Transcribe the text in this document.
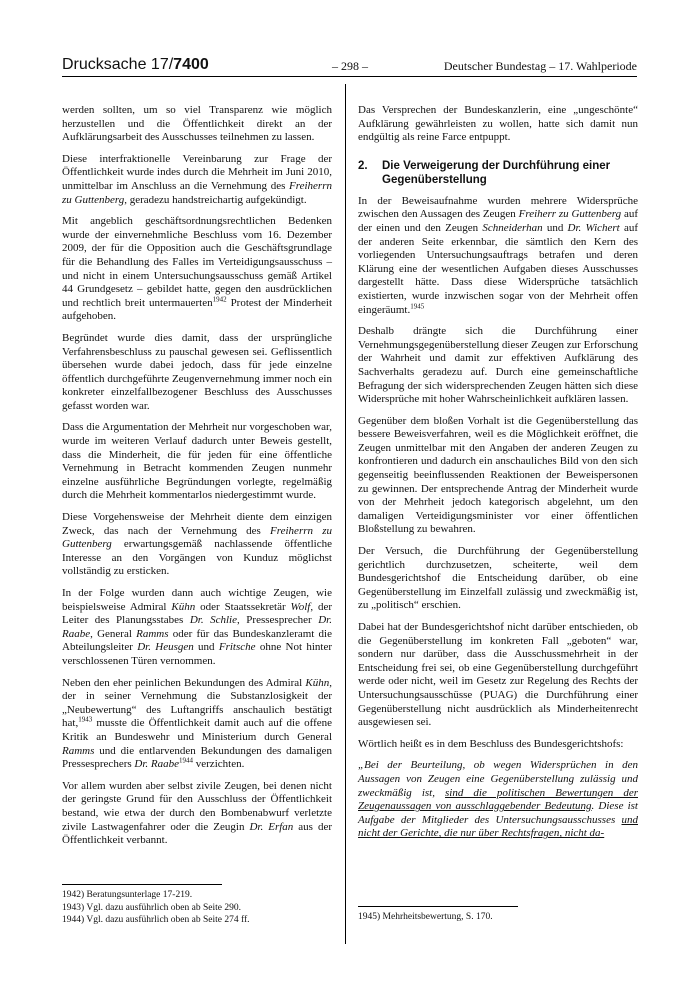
Drucksache 17/7400	– 298 –	Deutscher Bundestag – 17. Wahlperiode

werden sollten, um so viel Transparenz wie möglich herzustellen und die Öffentlichkeit direkt an der Aufklärungsarbeit des Ausschusses teilnehmen zu lassen.

Diese interfraktionelle Vereinbarung zur Frage der Öffentlichkeit wurde indes durch die Mehrheit im Juni 2010, unmittelbar im Anschluss an die Vernehmung des Freiherrn zu Guttenberg, geradezu handstreichartig aufgekündigt.

Mit angeblich geschäftsordnungsrechtlichen Bedenken wurde der einvernehmliche Beschluss vom 16. Dezember 2009, der für die Opposition auch die Geschäftsgrundlage für die Behandlung des Falles im Verteidigungsausschuss – und nicht in einem Untersuchungsausschuss gemäß Artikel 44 Grundgesetz – gebildet hatte, gegen den ausdrücklichen und rechtlich breit untermauerten$^{1942}$ Protest der Minderheit aufgehoben.

Begründet wurde dies damit, dass der ursprüngliche Verfahrensbeschluss zu pauschal gewesen sei. Geflissentlich übersehen wurde dabei jedoch, dass für jede einzelne öffentlich durchgeführte Zeugenvernehmung immer noch ein konkreter einzelfallbezogener Beschluss des Ausschusses gefasst worden war.

Dass die Argumentation der Mehrheit nur vorgeschoben war, wurde im weiteren Verlauf dadurch unter Beweis gestellt, dass die Minderheit, die für jeden für eine öffentliche Vernehmung in Betracht kommenden Zeugen nunmehr einzelne ausführliche Begründungen vorlegte, regelmäßig durch die Mehrheit kommentarlos niedergestimmt wurde.

Diese Vorgehensweise der Mehrheit diente dem einzigen Zweck, das nach der Vernehmung des Freiherrn zu Guttenberg erwartungsgemäß nachlassende öffentliche Interesse an den Vorgängen von Kunduz möglichst vollständig zu ersticken.

In der Folge wurden dann auch wichtige Zeugen, wie beispielsweise Admiral Kühn oder Staatssekretär Wolf, der Leiter des Planungsstabes Dr. Schlie, Pressesprecher Dr. Raabe, General Ramms oder für das Bundeskanzleramt die Abteilungsleiter Dr. Heusgen und Fritsche ohne Not hinter verschlossenen Türen vernommen.

Neben den eher peinlichen Bekundungen des Admiral Kühn, der in seiner Vernehmung die Substanzlosigkeit der „Neubewertung“ des Luftangriffs anschaulich bestätigt hat,$^{1943}$ musste die Öffentlichkeit damit auch auf die offene Kritik an Bundeswehr und Ministerium durch General Ramms und die entlarvenden Bekundungen des damaligen Pressesprechers Dr. Raabe$^{1944}$ verzichten.

Vor allem wurden aber selbst zivile Zeugen, bei denen nicht der geringste Grund für den Ausschluss der Öffentlichkeit bestand, wie etwa der durch den Bombenabwurf verletzte zivile Lastwagenfahrer oder die Zeugin Dr. Erfan aus der Öffentlichkeit verbannt.

Das Versprechen der Bundeskanzlerin, eine „ungeschönte“ Aufklärung gewährleisten zu wollen, hatte sich damit nun endgültig als reine Farce entpuppt.

2.	Die Verweigerung der Durchführung einer Gegenüberstellung

In der Beweisaufnahme wurden mehrere Widersprüche zwischen den Aussagen des Zeugen Freiherr zu Guttenberg auf der einen und den Zeugen Schneiderhan und Dr. Wichert auf der anderen Seite erkennbar, die sämtlich den Kern des vorliegenden Untersuchungsauftrags betrafen und deren Klärung eine der wesentlichen Aufgaben dieses Ausschusses dargestellt hätte. Dass diese Widersprüche tatsächlich existierten, wurde inzwischen sogar von der Mehrheit offen eingeräumt.$^{1945}$

Deshalb drängte sich die Durchführung einer Vernehmungsgegenüberstellung dieser Zeugen zur Erforschung der Wahrheit und damit zur effektiven Aufklärung des Sachverhalts geradezu auf. Durch eine gemeinschaftliche Befragung der sich widersprechenden Zeugen hätten sich diese Widersprüche mit hoher Wahrscheinlichkeit aufklären lassen.

Gegenüber dem bloßen Vorhalt ist die Gegenüberstellung das bessere Beweisverfahren, weil es die Möglichkeit eröffnet, die Zeugen unmittelbar mit den Angaben der anderen Zeugen zu konfrontieren und dadurch ein anschauliches Bild von den sich gegenseitig beeinflussenden Reaktionen der Beweispersonen zu gewinnen. Der entsprechende Antrag der Minderheit wurde von der Mehrheit jedoch kategorisch abgelehnt, um den damaligen Verteidigungsminister vor einer öffentlichen Bloßstellung zu bewahren.

Der Versuch, die Durchführung der Gegenüberstellung gerichtlich durchzusetzen, scheiterte, weil dem Bundesgerichtshof die Entscheidung darüber, ob eine Gegenüberstellung im Einzelfall zulässig und zweckmäßig ist, zu „politisch“ erschien.

Dabei hat der Bundesgerichtshof nicht darüber entschieden, ob die Gegenüberstellung im konkreten Fall „geboten“ war, sondern nur darüber, dass die Ausschussmehrheit in der Entscheidung frei sei, ob eine Gegenüberstellung durchgeführt werde oder nicht, weil im Gesetz zur Regelung des Rechts der Untersuchungsausschüsse (PUAG) die Durchführung einer Gegenüberstellung nicht ausdrücklich als Minderheitenrecht ausgewiesen sei.

Wörtlich heißt es in dem Beschluss des Bundesgerichtshofs:

„Bei der Beurteilung, ob wegen Widersprüchen in den Aussagen von Zeugen eine Gegenüberstellung zulässig und zweckmäßig ist, sind die politischen Bewertungen der Zeugenaussagen von ausschlaggebender Bedeutung. Diese ist Aufgabe der Mitglieder des Untersuchungsausschusses und nicht der Gerichte, die nur über Rechtsfragen, nicht da-

1942) Beratungsunterlage 17-219.
1943) Vgl. dazu ausführlich oben ab Seite 290.
1944) Vgl. dazu ausführlich oben ab Seite 274 ff.	1945) Mehrheitsbewertung, S. 170.
